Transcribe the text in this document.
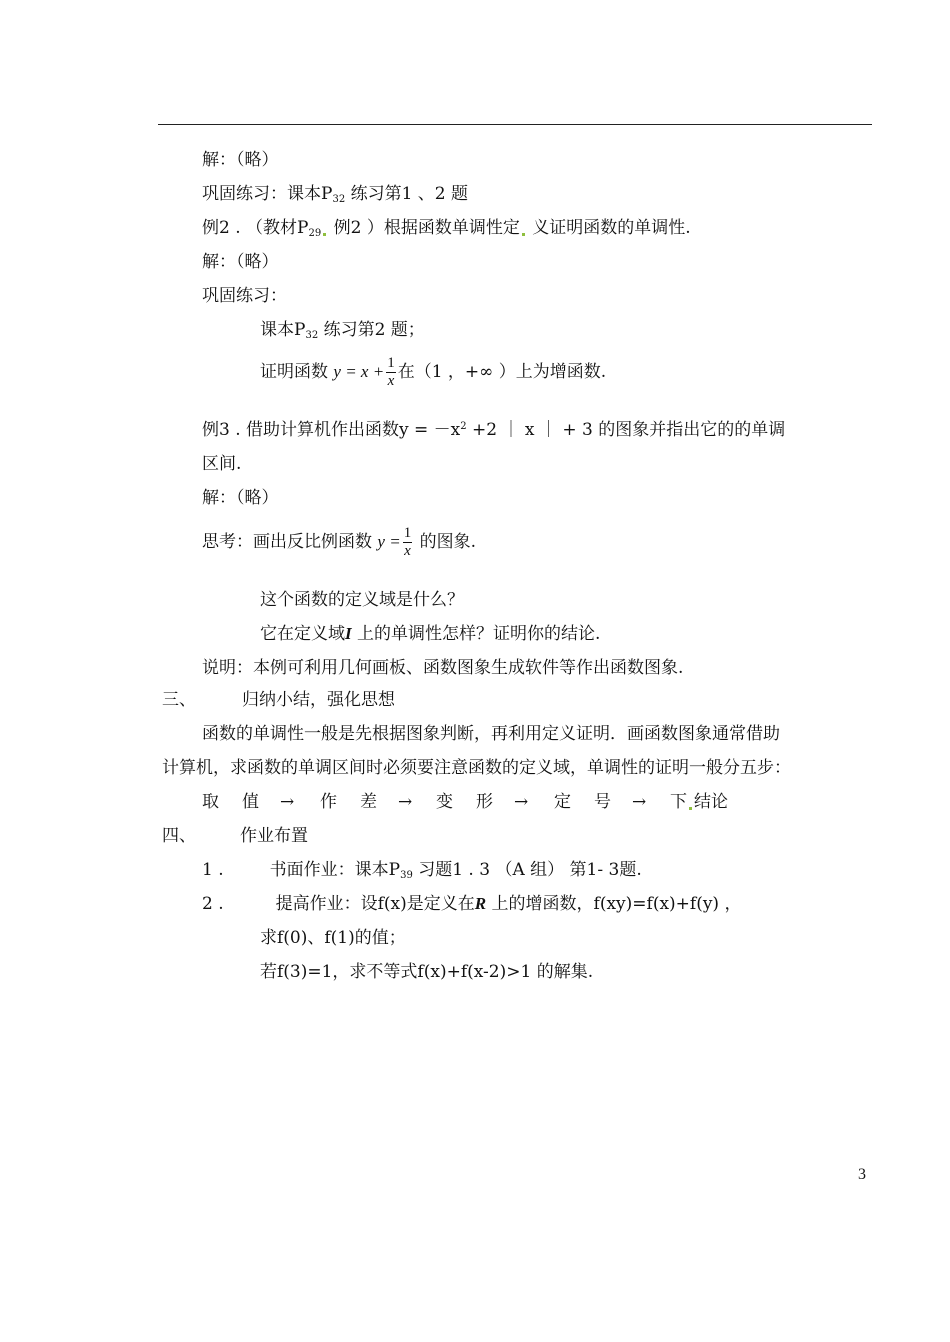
解：（略）
巩固练习：课本P32 练习第1 、2 题
例2 . （教材P29 例2 ）根据函数单调性定 义证明函数的单调性.
解：（略）
巩固练习：
课本P32 练习第2 题；
证明函数 $y = x + \frac{1}{x}$ 在（1 ，+∞ ）上为增函数.
例3 . 借助计算机作出函数$y = -x^2 +2$ ｜ x ｜ + 3 的图象并指出它的的单调
区间.
解：（略）
思考：画出反比例函数 $y = \frac{1}{x}$ 的图象.
这个函数的定义域是什么？
它在定义域I 上的单调性怎样？证明你的结论.
说明：本例可利用几何画板、函数图象生成软件等作出函数图象.
三、	归纳小结，强化思想
函数的单调性一般是先根据图象判断，再利用定义证明．画函数图象通常借助
计算机，求函数的单调区间时必须要注意函数的定义域，单调性的证明一般分五步：
取 值 → 作 差 → 变 形 → 定 号 → 下 结论
四、	作业布置
1 .	书面作业：课本P39 习题1 . 3 （A 组） 第1- 3题.
2 .	提高作业：设f(x)是定义在R 上的增函数，f(xy)=f(x)+f(y) ，
求f(0)、f(1)的值；
若f(3)=1，求不等式f(x)+f(x-2)>1 的解集.
3
